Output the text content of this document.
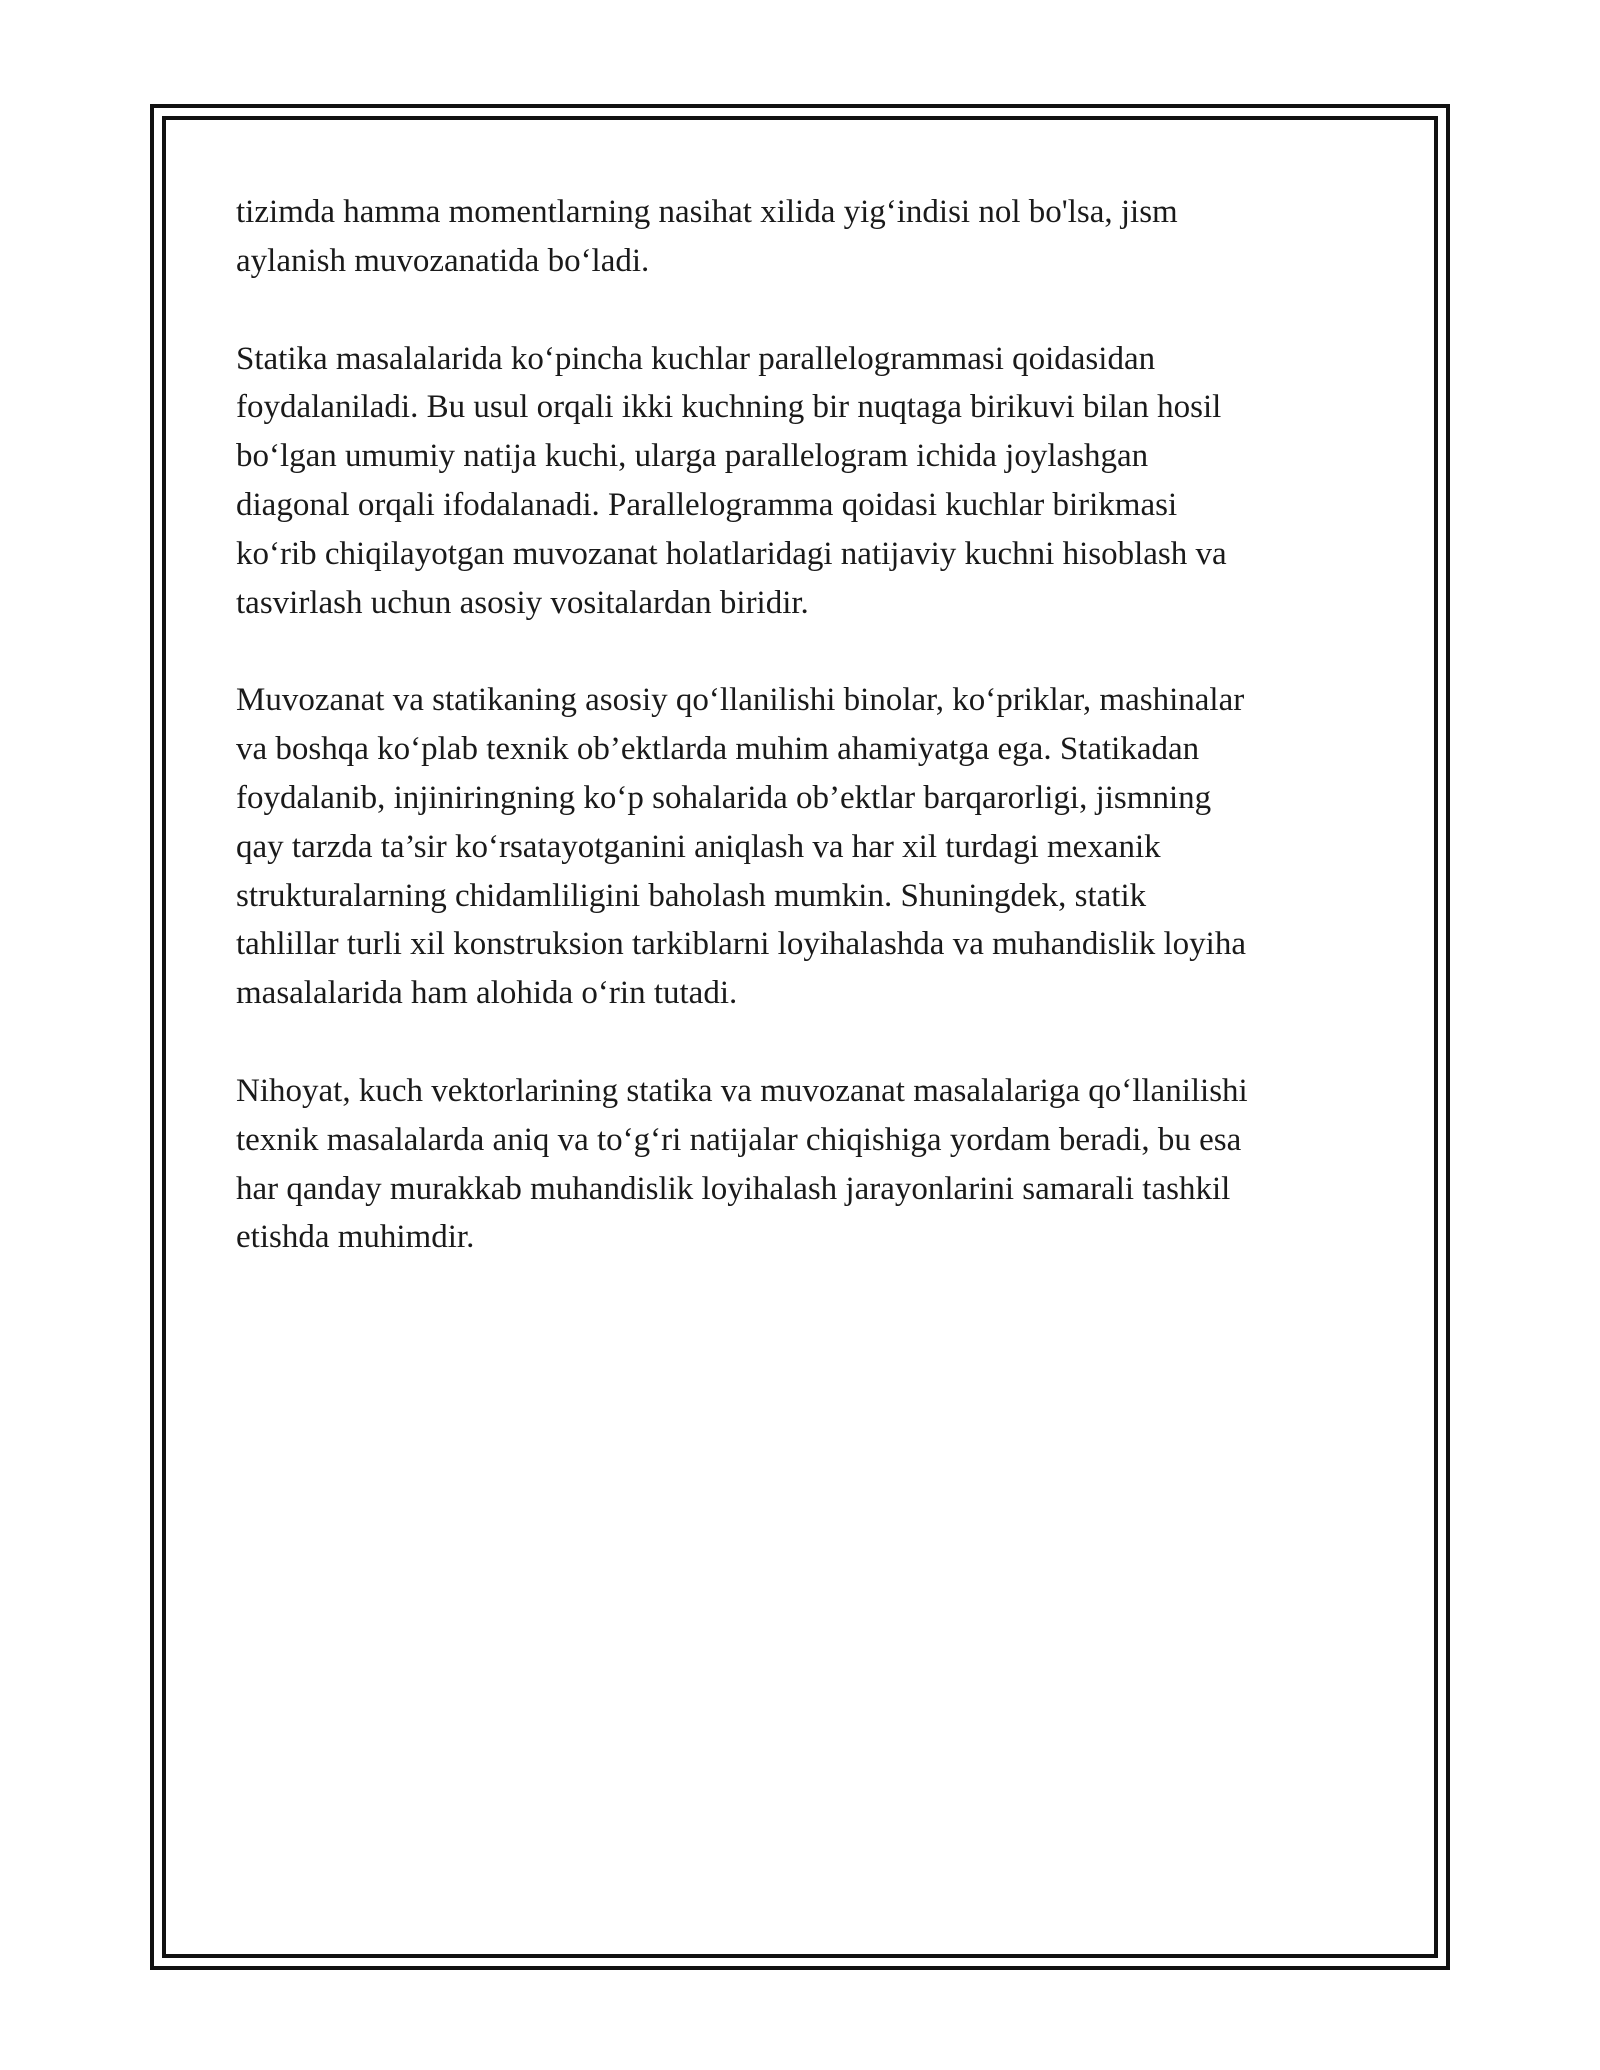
tizimda hamma momentlarning nasihat xilida yig‘indisi nol bo'lsa, jism
aylanish muvozanatida bo‘ladi.

Statika masalalarida ko‘pincha kuchlar parallelogrammasi qoidasidan
foydalaniladi. Bu usul orqali ikki kuchning bir nuqtaga birikuvi bilan hosil
bo‘lgan umumiy natija kuchi, ularga parallelogram ichida joylashgan
diagonal orqali ifodalanadi. Parallelogramma qoidasi kuchlar birikmasi
ko‘rib chiqilayotgan muvozanat holatlaridagi natijaviy kuchni hisoblash va
tasvirlash uchun asosiy vositalardan biridir.

Muvozanat va statikaning asosiy qo‘llanilishi binolar, ko‘priklar, mashinalar
va boshqa ko‘plab texnik ob’ektlarda muhim ahamiyatga ega. Statikadan
foydalanib, injiniringning ko‘p sohalarida ob’ektlar barqarorligi, jismning
qay tarzda ta’sir ko‘rsatayotganini aniqlash va har xil turdagi mexanik
strukturalarning chidamliligini baholash mumkin. Shuningdek, statik
tahlillar turli xil konstruksion tarkiblarni loyihalashda va muhandislik loyiha
masalalarida ham alohida o‘rin tutadi.

Nihoyat, kuch vektorlarining statika va muvozanat masalalariga qo‘llanilishi
texnik masalalarda aniq va to‘g‘ri natijalar chiqishiga yordam beradi, bu esa
har qanday murakkab muhandislik loyihalash jarayonlarini samarali tashkil
etishda muhimdir.
